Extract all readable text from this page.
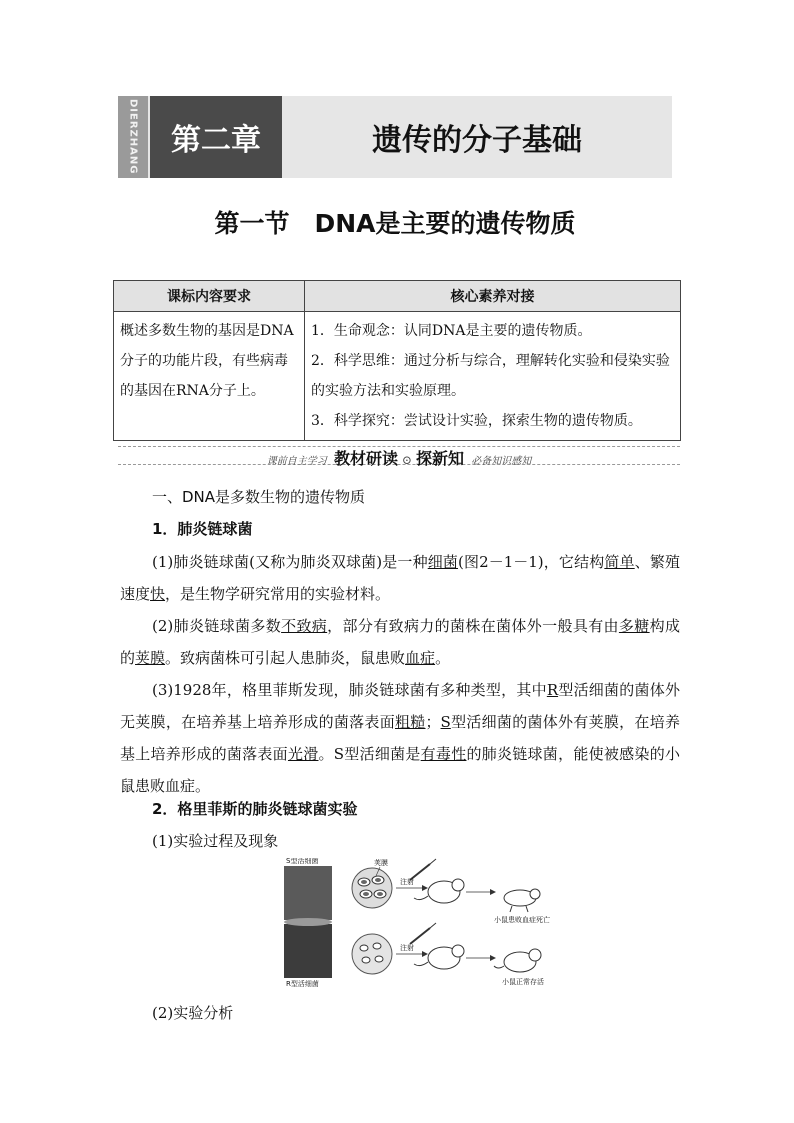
DIERZHANG	第二章	遗传的分子基础
第一节　DNA是主要的遗传物质
课标内容要求	核心素养对接
概述多数生物的基因是DNA分子的功能片段，有些病毒的基因在RNA分子上。	1．生命观念：认同DNA是主要的遗传物质。
2．科学思维：通过分析与综合，理解转化实验和侵染实验的实验方法和实验原理。
3．科学探究：尝试设计实验，探索生物的遗传物质。
课前自主学习 教材研读 ⊙ 探新知 必备知识感知
一、DNA是多数生物的遗传物质
1．肺炎链球菌
(1)肺炎链球菌(又称为肺炎双球菌)是一种细菌(图2－1－1)，它结构简单、繁殖速度快，是生物学研究常用的实验材料。
(2)肺炎链球菌多数不致病，部分有致病力的菌株在菌体外一般具有由多糖构成的荚膜。致病菌株可引起人患肺炎，鼠患败血症。
(3)1928年，格里菲斯发现，肺炎链球菌有多种类型，其中R型活细菌的菌体外无荚膜，在培养基上培养形成的菌落表面粗糙；S型活细菌的菌体外有荚膜，在培养基上培养形成的菌落表面光滑。S型活细菌是有毒性的肺炎链球菌，能使被感染的小鼠患败血症。
2．格里菲斯的肺炎链球菌实验
(1)实验过程及现象
S型活细菌
R型活细菌
荚膜
注射
注射
小鼠患败血症死亡
小鼠正常存活
(2)实验分析
